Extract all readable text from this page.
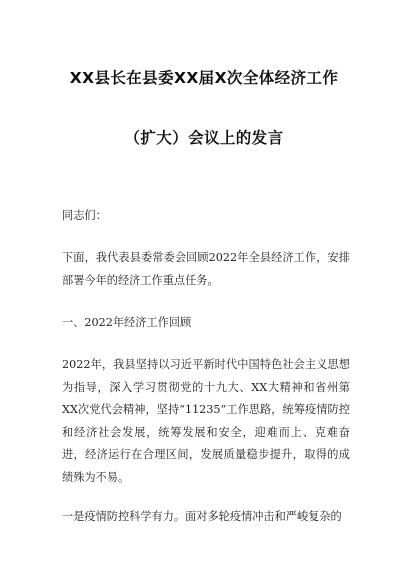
XX县长在县委XX届X次全体经济工作
（扩大）会议上的发言
同志们：
下面，我代表县委常委会回顾2022年全县经济工作，安排部署今年的经济工作重点任务。
一、2022年经济工作回顾
2022年，我县坚持以习近平新时代中国特色社会主义思想为指导，深入学习贯彻党的十九大、XX大精神和省州第XX次党代会精神，坚持“11235”工作思路，统筹疫情防控和经济社会发展，统筹发展和安全，迎难而上、克难奋进，经济运行在合理区间，发展质量稳步提升，取得的成绩殊为不易。
一是疫情防控科学有力。面对多轮疫情冲击和严峻复杂的
